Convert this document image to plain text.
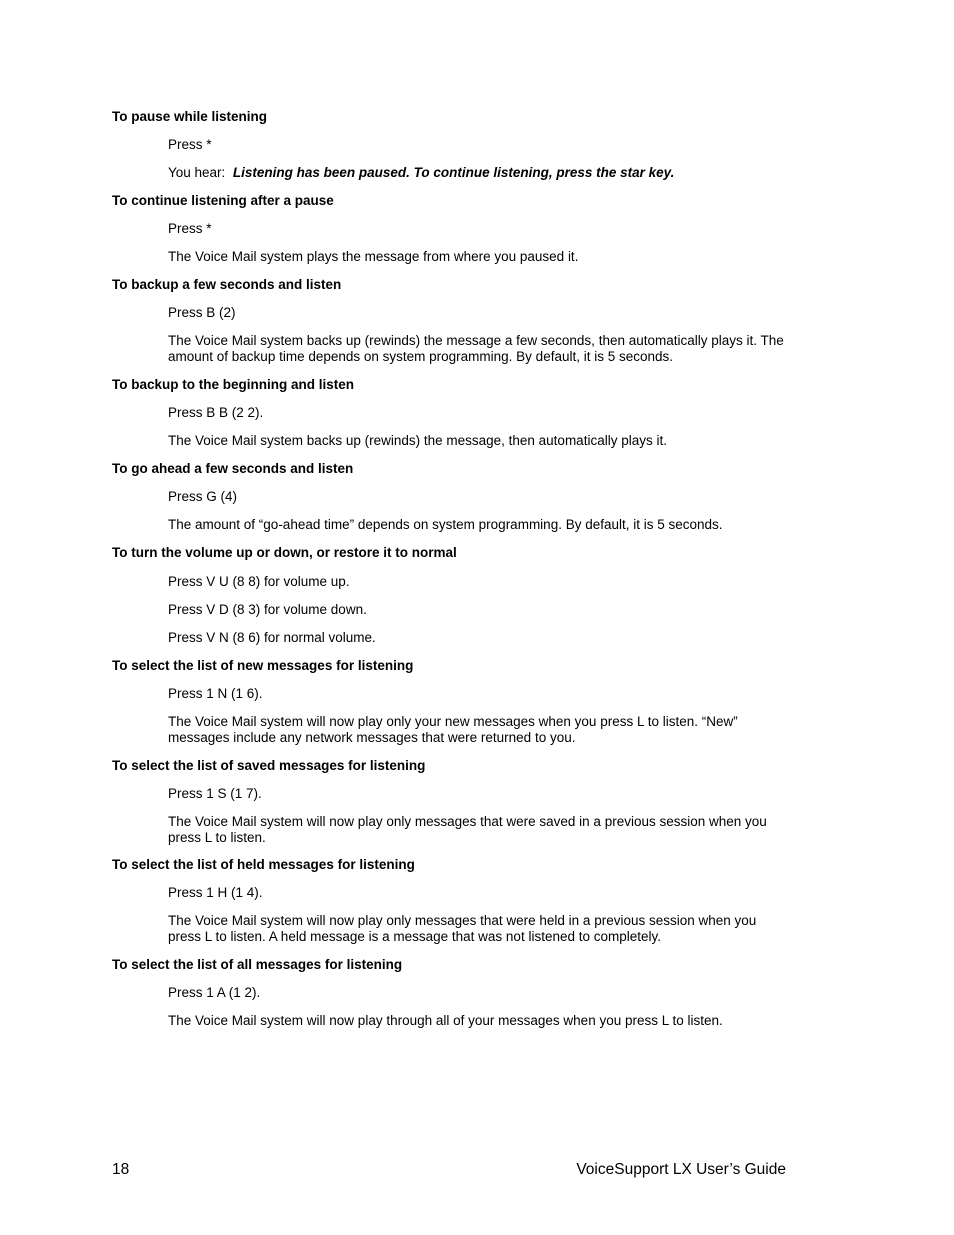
To pause while listening

Press *

You hear: Listening has been paused. To continue listening, press the star key.

To continue listening after a pause

Press *

The Voice Mail system plays the message from where you paused it.

To backup a few seconds and listen

Press B (2)

The Voice Mail system backs up (rewinds) the message a few seconds, then automatically plays it. The amount of backup time depends on system programming. By default, it is 5 seconds.

To backup to the beginning and listen

Press B B (2 2).

The Voice Mail system backs up (rewinds) the message, then automatically plays it.

To go ahead a few seconds and listen

Press G (4)

The amount of “go-ahead time” depends on system programming. By default, it is 5 seconds.

To turn the volume up or down, or restore it to normal

Press V U (8 8) for volume up.

Press V D (8 3) for volume down.

Press V N (8 6) for normal volume.

To select the list of new messages for listening

Press 1 N (1 6).

The Voice Mail system will now play only your new messages when you press L to listen. “New” messages include any network messages that were returned to you.

To select the list of saved messages for listening

Press 1 S (1 7).

The Voice Mail system will now play only messages that were saved in a previous session when you press L to listen.

To select the list of held messages for listening

Press 1 H (1 4).

The Voice Mail system will now play only messages that were held in a previous session when you press L to listen. A held message is a message that was not listened to completely.

To select the list of all messages for listening

Press 1 A (1 2).

The Voice Mail system will now play through all of your messages when you press L to listen.

18	VoiceSupport LX User’s Guide
